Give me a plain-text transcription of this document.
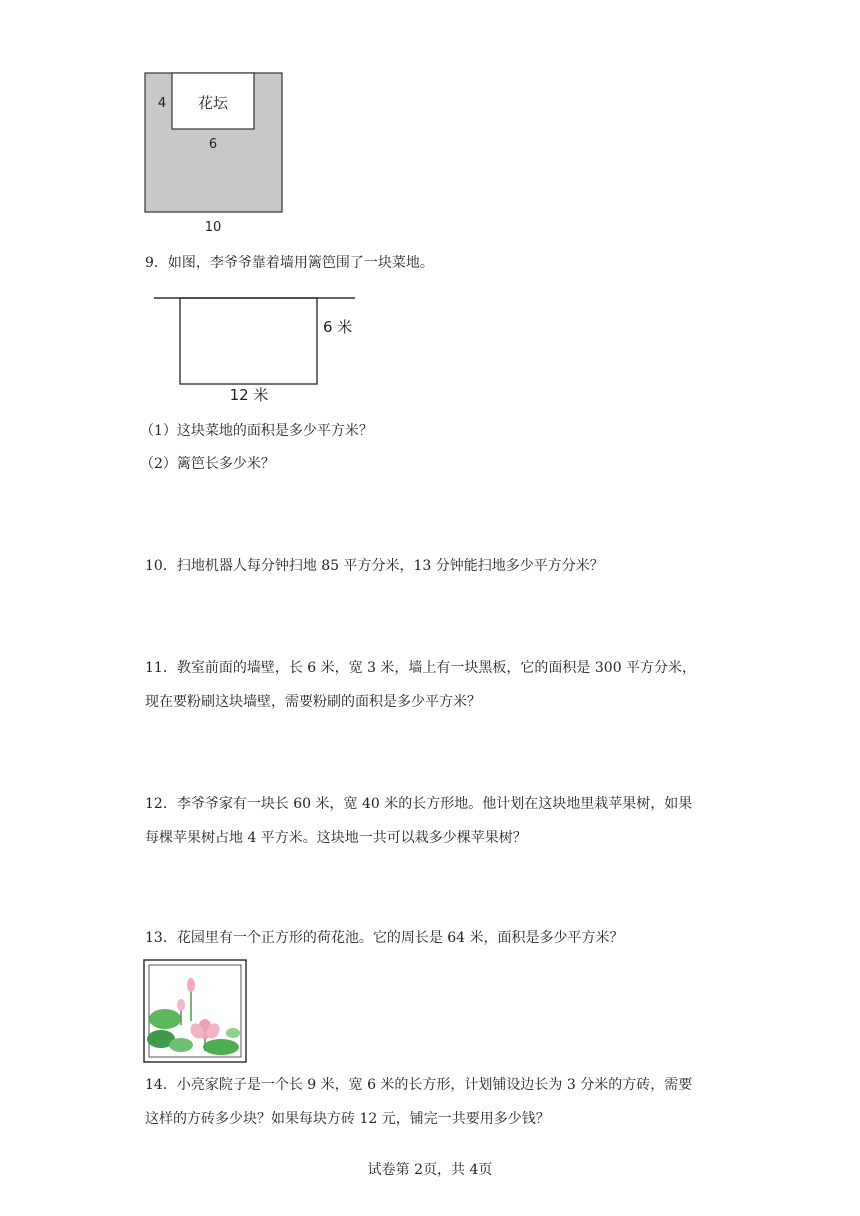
花坛
4
6
10
9．如图，李爷爷靠着墙用篱笆围了一块菜地。
6 米
12 米
（1）这块菜地的面积是多少平方米？
（2）篱笆长多少米？
10．扫地机器人每分钟扫地 85 平方分米，13 分钟能扫地多少平方分米？
11．教室前面的墙壁，长 6 米，宽 3 米，墙上有一块黑板，它的面积是 300 平方分米，
现在要粉刷这块墙壁，需要粉刷的面积是多少平方米？
12．李爷爷家有一块长 60 米，宽 40 米的长方形地。他计划在这块地里栽苹果树，如果
每棵苹果树占地 4 平方米。这块地一共可以栽多少棵苹果树？
13．花园里有一个正方形的荷花池。它的周长是 64 米，面积是多少平方米？
14．小亮家院子是一个长 9 米，宽 6 米的长方形，计划铺设边长为 3 分米的方砖，需要
这样的方砖多少块？如果每块方砖 12 元，铺完一共要用多少钱？
试卷第 2页，共 4页
